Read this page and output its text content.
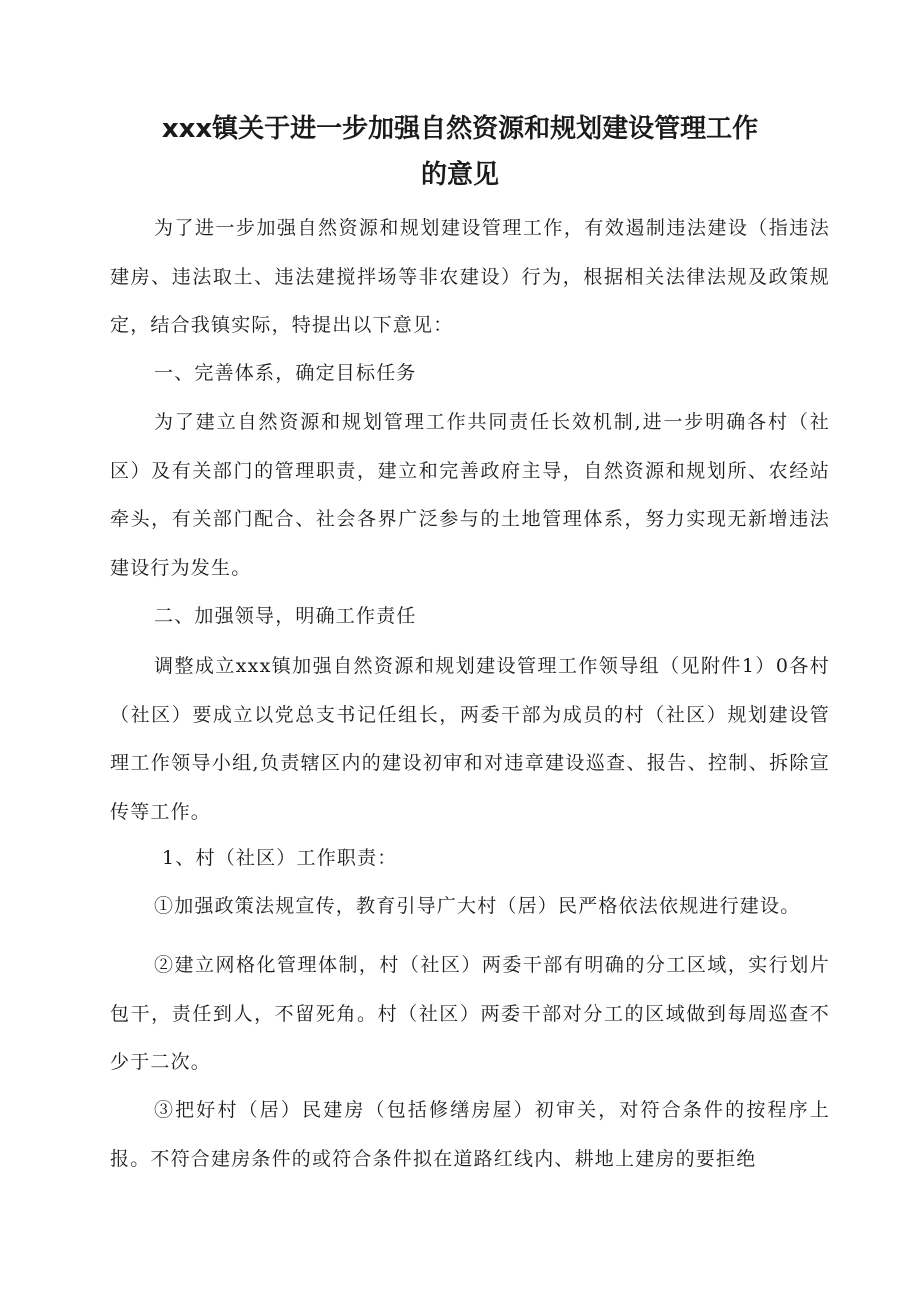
xxx镇关于进一步加强自然资源和规划建设管理工作
的意见

为了进一步加强自然资源和规划建设管理工作，有效遏制违法建设（指违法建房、违法取土、违法建搅拌场等非农建设）行为，根据相关法律法规及政策规定，结合我镇实际，特提出以下意见：

一、完善体系，确定目标任务

为了建立自然资源和规划管理工作共同责任长效机制,进一步明确各村（社区）及有关部门的管理职责，建立和完善政府主导，自然资源和规划所、农经站牵头，有关部门配合、社会各界广泛参与的土地管理体系，努力实现无新增违法建设行为发生。

二、加强领导，明确工作责任

调整成立xxx镇加强自然资源和规划建设管理工作领导组（见附件1）0各村（社区）要成立以党总支书记任组长，两委干部为成员的村（社区）规划建设管理工作领导小组,负责辖区内的建设初审和对违章建设巡查、报告、控制、拆除宣传等工作。

1、村（社区）工作职责：

①加强政策法规宣传，教育引导广大村（居）民严格依法依规进行建设。

②建立网格化管理体制，村（社区）两委干部有明确的分工区域，实行划片包干，责任到人，不留死角。村（社区）两委干部对分工的区域做到每周巡查不少于二次。

③把好村（居）民建房（包括修缮房屋）初审关，对符合条件的按程序上报。不符合建房条件的或符合条件拟在道路红线内、耕地上建房的要拒绝
